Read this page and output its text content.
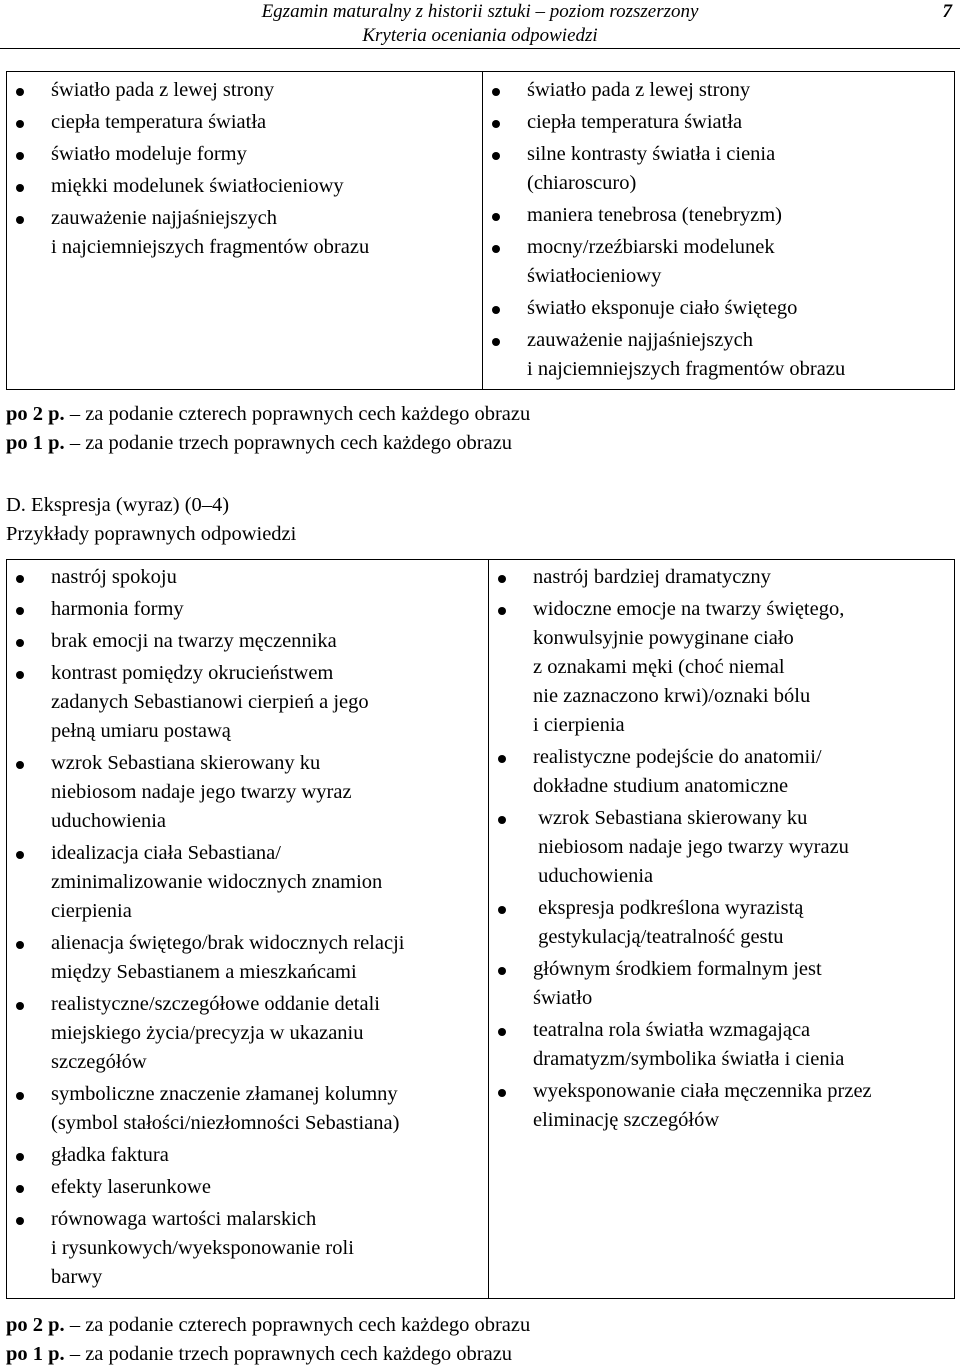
Egzamin maturalny z historii sztuki – poziom rozszerzony
Kryteria oceniania odpowiedzi
7
światło pada z lewej strony
ciepła temperatura światła
światło modeluje formy
miękki modelunek światłocieniowy
zauważenie najjaśniejszych
i najciemniejszych fragmentów obrazu

światło pada z lewej strony
ciepła temperatura światła
silne kontrasty światła i cienia
(chiaroscuro)
maniera tenebrosa (tenebryzm)
mocny/rzeźbiarski modelunek
światłocieniowy
światło eksponuje ciało świętego
zauważenie najjaśniejszych
i najciemniejszych fragmentów obrazu
po 2 p. – za podanie czterech poprawnych cech każdego obrazu
po 1 p. – za podanie trzech poprawnych cech każdego obrazu
D. Ekspresja (wyraz) (0–4)
Przykłady poprawnych odpowiedzi
nastrój spokoju
harmonia formy
brak emocji na twarzy męczennika
kontrast pomiędzy okrucieństwem
zadanych Sebastianowi cierpień a jego
pełną umiaru postawą
wzrok Sebastiana skierowany ku
niebiosom nadaje jego twarzy wyraz
uduchowienia
idealizacja ciała Sebastiana/
zminimalizowanie widocznych znamion
cierpienia
alienacja świętego/brak widocznych relacji
między Sebastianem a mieszkańcami
realistyczne/szczegółowe oddanie detali
miejskiego życia/precyzja w ukazaniu
szczegółów
symboliczne znaczenie złamanej kolumny
(symbol stałości/niezłomności Sebastiana)
gładka faktura
efekty laserunkowe
równowaga wartości malarskich
i rysunkowych/wyeksponowanie roli
barwy

nastrój bardziej dramatyczny
widoczne emocje na twarzy świętego,
konwulsyjnie powyginane ciało
z oznakami męki (choć niemal
nie zaznaczono krwi)/oznaki bólu
i cierpienia
realistyczne podejście do anatomii/
dokładne studium anatomiczne
wzrok Sebastiana skierowany ku
niebiosom nadaje jego twarzy wyrazu
uduchowienia
ekspresja podkreślona wyrazistą
gestykulacją/teatralność gestu
głównym środkiem formalnym jest
światło
teatralna rola światła wzmagająca
dramatyzm/symbolika światła i cienia
wyeksponowanie ciała męczennika przez
eliminację szczegółów
po 2 p. – za podanie czterech poprawnych cech każdego obrazu
po 1 p. – za podanie trzech poprawnych cech każdego obrazu
